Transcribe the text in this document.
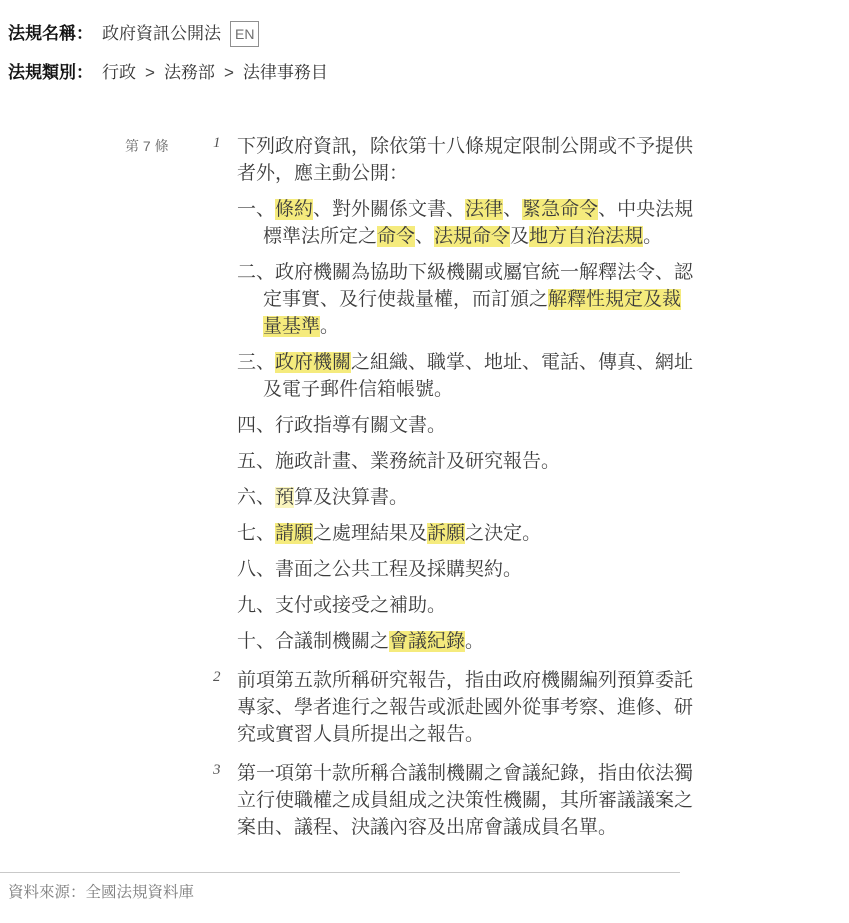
法規名稱： 政府資訊公開法	EN
法規類別： 行政 > 法務部 > 法律事務目
第 7 條	1 下列政府資訊，除依第十八條規定限制公開或不予提供者外，應主動公開：
一、條約、對外關係文書、法律、緊急命令、中央法規標準法所定之命令、法規命令及地方自治法規。
二、政府機關為協助下級機關或屬官統一解釋法令、認定事實、及行使裁量權，而訂頒之解釋性規定及裁量基準。
三、政府機關之組織、職掌、地址、電話、傳真、網址及電子郵件信箱帳號。
四、行政指導有關文書。
五、施政計畫、業務統計及研究報告。
六、預算及決算書。
七、請願之處理結果及訴願之決定。
八、書面之公共工程及採購契約。
九、支付或接受之補助。
十、合議制機關之會議紀錄。
2 前項第五款所稱研究報告，指由政府機關編列預算委託專家、學者進行之報告或派赴國外從事考察、進修、研究或實習人員所提出之報告。
3 第一項第十款所稱合議制機關之會議紀錄，指由依法獨立行使職權之成員組成之決策性機關，其所審議議案之案由、議程、決議內容及出席會議成員名單。
資料來源：全國法規資料庫
